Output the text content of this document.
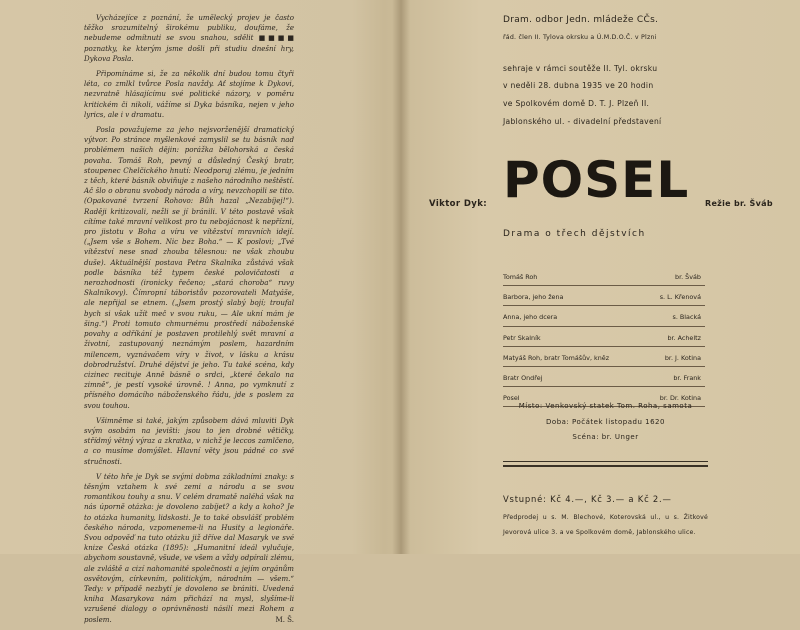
Vycházejíce z poznání, že umělecký projev je často těžko srozumitelný širokému publiku, doufáme, že nebudeme odmítnuti se svou snahou, sdělit ■■■■ poznatky, ke kterým jsme došli při studiu dnešní hry, Dykova Posla.

Připomínáme si, že za několik dní budou tomu čtyři léta, co zmlkl tvůrce Posla navždy. Ať stojíme k Dykovi, nezvratně hlásajícímu své politické názory, v poměru kritickém či nikoli, vážíme si Dyka básníka, nejen v jeho lyrics, ale i v dramatu.

Posla považujeme za jeho nejsvorženější dramatický výtvor. Po stránce myšlenkové zamyslil se tu básník nad problémem našich dějin: porážka bělohorská a česká povaha. Tomáš Roh, pevný a důsledný Český bratr, stoupenec Chelčického hnutí: Neodporuj zlému, je jedním z těch, které básník obviňuje z našeho národního neštěstí. Ač šlo o obranu svobody národa a víry, nevzchopili se tito. (Opakované tvrzení Rohovo: Bůh hazal „Nezabíjej!“). Raději kritizovali, nežli se jí bránili. V této postavě však cítíme také mravní velikost pro tu nebojácnost k nepřízni, pro jistotu v Boha a víru ve vítězství mravních idejí. („Jsem vše s Bohem. Nic bez Boha.“ — K poslovi; „Tvé vítězství nese snad zhouba tělesnou: ne však zhoubu duše). Aktuálnější postava Petra Skalníka zůstává však podle básníka též typem české polovičatosti a nerozhodnosti (ironicky řečeno; „stará choroba“ ruvy Skalníkovy). Čímropní táboristův pozorovateli Matyáše, ale nepřijal se etnem. („Jsem prostý slabý bojí; troufal bych si však užít meč v svou ruku, — Ale ukní mám je šing.“) Proti tomuto chmurnému prostředí náboženské povahy a odříkání je postaven protilehlý svět mravní a životní, zastupovaný neznámým poslem, hazardním milencem, vyznávačem víry v život, v lásku a krásu dobrodružství. Druhé dějství je jeho. Tu také scéna, kdy cizinec recituje Anně básně o srdci, „které čekalo na zimně“, je pestí vysoké úrovně. ! Anna, po vymknutí z přísného domácího náboženského řádu, jde s poslem za svou touhou.

Všimněme si také, jakým způsobem dává mluviti Dyk svým osobám na jevišti: jsou to jen drobné větičky, střídmý větný výraz a zkratka, v nichž je leccos zamlčeno, a co musíme domýšlet. Hlavní věty jsou pádné co své stručnosti.

V této hře je Dyk se svými dobma základními znaky: s těsným vztahem k své zemi a národu a se svou romantikou touhy a snu. V celém dramatě naléhá však na nás úporně otázka: je dovoleno zabíjet? a kdy a koho? Je to otázka humanity, lidskosti. Je to také obsvlášť problém českého národa, vzpomeneme-li na Husity a legionáře. Svou odpověď na tuto otázku již dříve dal Masaryk ve své knize Česká otázka (1895): „Humanitní ideál vylučuje, abychom soustavně, všude, ve všem a vždy odpírali zlému, ale zvláště a cizí nahomanité společnosti a jejím orgánům osvětovým, církevním, politickým, národním — všem.“ Tedy: v případě nezbytí je dovoleno se brániti. Uvedená kniha Masarykova nám přichází na mysl, slyšíme-li vzrušené dialogy o oprávněnosti násilí mezi Rohem a poslem.	M. Š.

Dram. odbor Jedn. mládeže CČs.
řád. člen II. Tylova okrsku a Ú.M.D.O.Č. v Plzni
sehraje v rámci soutěže II. Tyl. okrsku
v neděli 28. dubna 1935 ve 20 hodin
ve Spolkovém domě D. T. J. Plzeň II.
Jablonského ul. - divadelní představení
Viktor Dyk: POSEL Režie br. Šváb
Drama o třech dějstvích
Tomáš Roh	br. Šváb
Barbora, jeho žena	s. L. Křenová
Anna, jeho dcera	s. Blacká
Petr Skalník	br. Acheltz
Matyáš Roh, bratr Tomášův, kněz	br. J. Kotina
Bratr Ondřej	br. Frank
Posel	br. Dr. Kotina
Místo: Venkovský statek Tom. Roha, samota
Doba: Počátek listopadu 1620
Scéna: br. Unger
Vstupné: Kč 4.—, Kč 3.— a Kč 2.—
Předprodej u s. M. Blechové, Koterovská ul., u s. Žitkové Jevorová ulice 3. a ve Spolkovém domě, Jablonského ulice.
